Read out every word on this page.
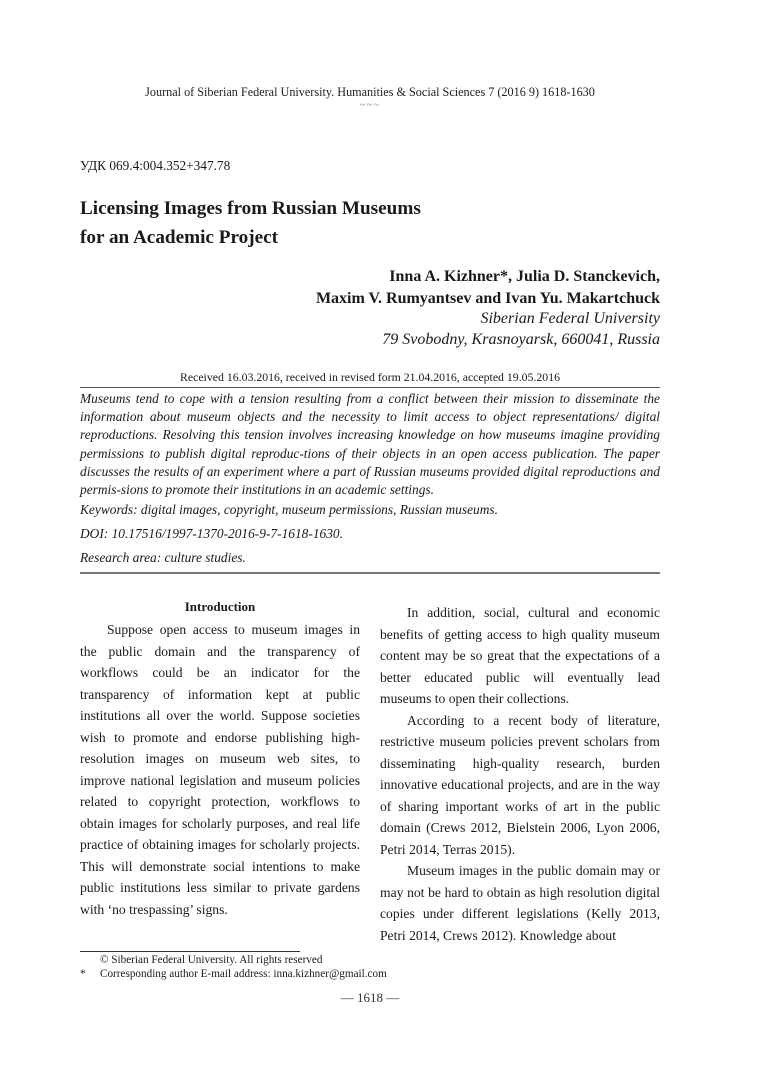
Journal of Siberian Federal University. Humanities & Social Sciences 7 (2016 9) 1618-1630
~~~
УДК 069.4:004.352+347.78
Licensing Images from Russian Museums
for an Academic Project
Inna A. Kizhner*, Julia D. Stanckevich,
Maxim V. Rumyantsev and Ivan Yu. Makartchuck
Siberian Federal University
79 Svobodny, Krasnoyarsk, 660041, Russia
Received 16.03.2016, received in revised form 21.04.2016, accepted 19.05.2016
Museums tend to cope with a tension resulting from a conflict between their mission to disseminate the information about museum objects and the necessity to limit access to object representations/ digital reproductions. Resolving this tension involves increasing knowledge on how museums imagine providing permissions to publish digital reproduc-tions of their objects in an open access publication. The paper discusses the results of an experiment where a part of Russian museums provided digital reproductions and permis-sions to promote their institutions in an academic settings.
Keywords: digital images, copyright, museum permissions, Russian museums.
DOI: 10.17516/1997-1370-2016-9-7-1618-1630.
Research area: culture studies.
Introduction

Suppose open access to museum images in the public domain and the transparency of workflows could be an indicator for the transparency of information kept at public institutions all over the world. Suppose societies wish to promote and endorse publishing high-resolution images on museum web sites, to improve national legislation and museum policies related to copyright protection, workflows to obtain images for scholarly purposes, and real life practice of obtaining images for scholarly projects. This will demonstrate social intentions to make public institutions less similar to private gardens with ‘no trespassing’ signs.

In addition, social, cultural and economic benefits of getting access to high quality museum content may be so great that the expectations of a better educated public will eventually lead museums to open their collections.

According to a recent body of literature, restrictive museum policies prevent scholars from disseminating high-quality research, burden innovative educational projects, and are in the way of sharing important works of art in the public domain (Crews 2012, Bielstein 2006, Lyon 2006, Petri 2014, Terras 2015).

Museum images in the public domain may or may not be hard to obtain as high resolution digital copies under different legislations (Kelly 2013, Petri 2014, Crews 2012). Knowledge about

© Siberian Federal University. All rights reserved
* Corresponding author E-mail address: inna.kizhner@gmail.com
— 1618 —
